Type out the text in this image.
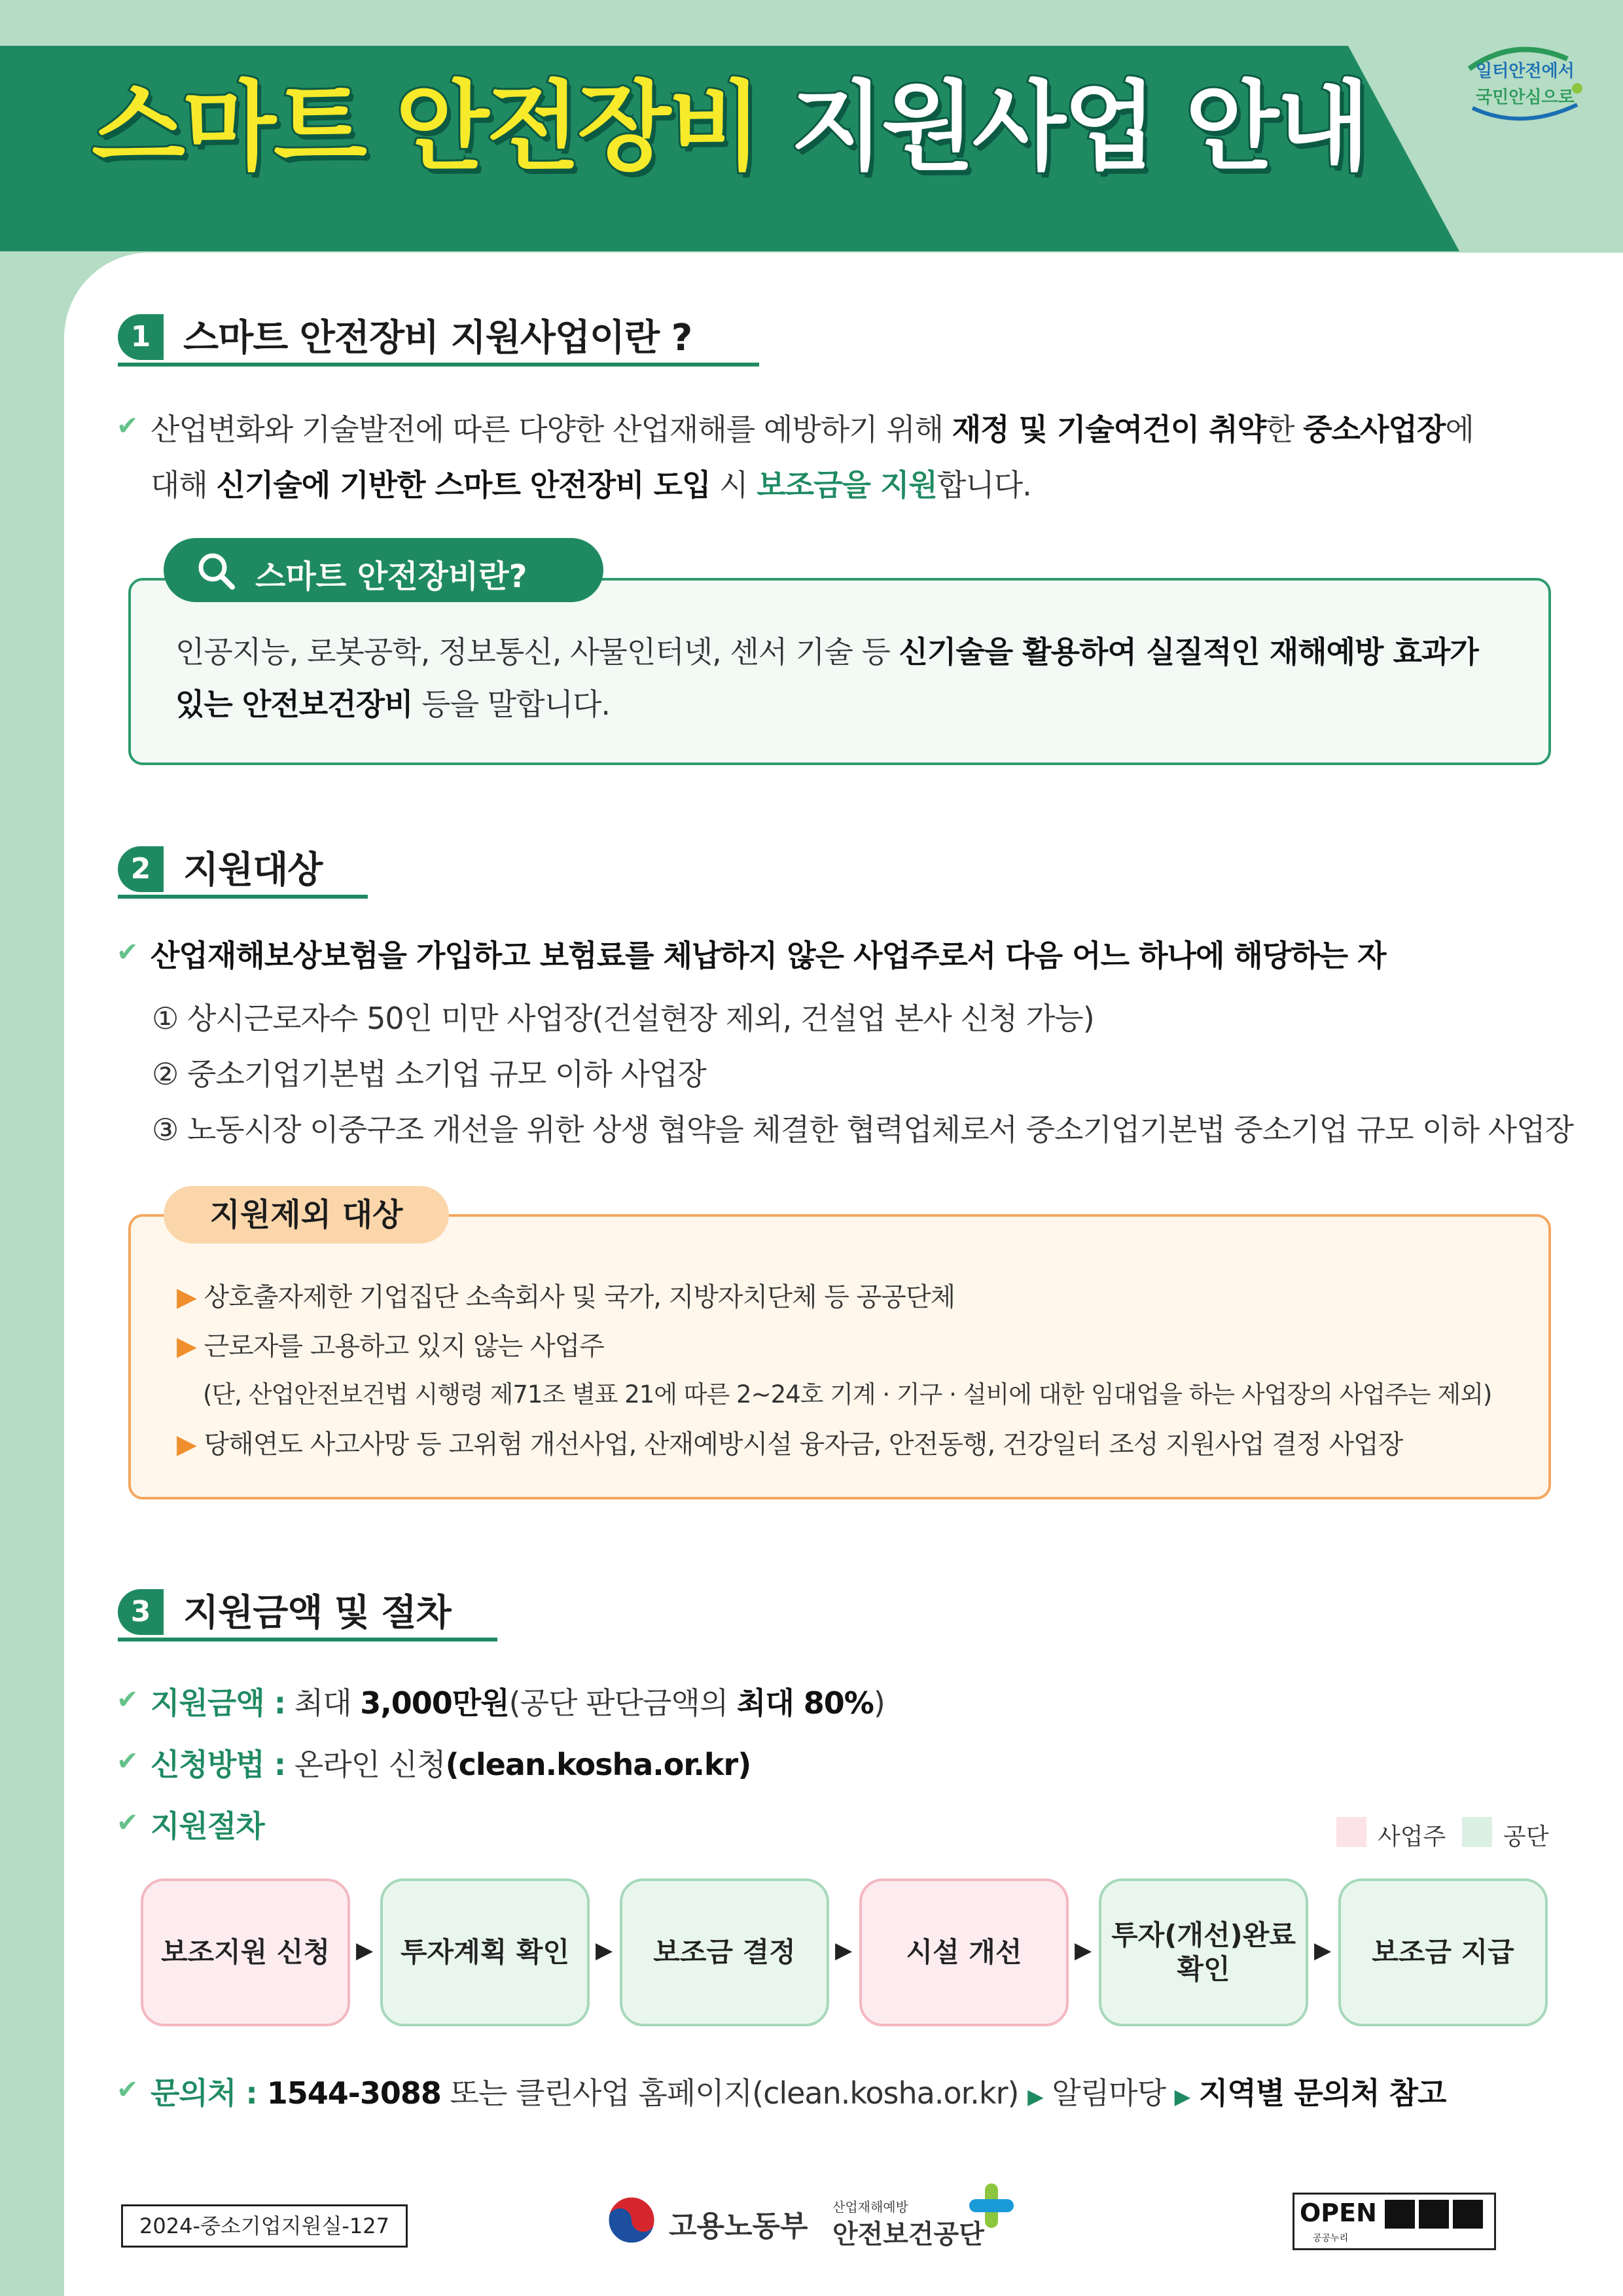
스마트 안전장비 지원사업 안내	일터안전에서
국민안심으로
1 스마트 안전장비 지원사업이란 ?
✔ 산업변화와 기술발전에 따른 다양한 산업재해를 예방하기 위해 재정 및 기술여건이 취약한 중소사업장에
대해 신기술에 기반한 스마트 안전장비 도입 시 보조금을 지원합니다.
스마트 안전장비란?
인공지능, 로봇공학, 정보통신, 사물인터넷, 센서 기술 등 신기술을 활용하여 실질적인 재해예방 효과가
있는 안전보건장비 등을 말합니다.
2 지원대상
✔ 산업재해보상보험을 가입하고 보험료를 체납하지 않은 사업주로서 다음 어느 하나에 해당하는 자
① 상시근로자수 50인 미만 사업장(건설현장 제외, 건설업 본사 신청 가능)
② 중소기업기본법 소기업 규모 이하 사업장
③ 노동시장 이중구조 개선을 위한 상생 협약을 체결한 협력업체로서 중소기업기본법 중소기업 규모 이하 사업장
지원제외 대상
▶ 상호출자제한 기업집단 소속회사 및 국가, 지방자치단체 등 공공단체
▶ 근로자를 고용하고 있지 않는 사업주
(단, 산업안전보건법 시행령 제71조 별표 21에 따른 2~24호 기계 · 기구 · 설비에 대한 임대업을 하는 사업장의 사업주는 제외)
▶ 당해연도 사고사망 등 고위험 개선사업, 산재예방시설 융자금, 안전동행, 건강일터 조성 지원사업 결정 사업장
3 지원금액 및 절차
✔ 지원금액 : 최대 3,000만원(공단 판단금액의 최대 80%)
✔ 신청방법 : 온라인 신청(clean.kosha.or.kr)
✔ 지원절차	사업주 공단
보조지원 신청	▶ 투자계획 확인	▶	보조금 결정	▶	시설 개선	▶ 투자(개선)완료
확인
▶	보조금 지급
✔ 문의처 : 1544-3088 또는 클린사업 홈페이지(clean.kosha.or.kr) ▶ 알림마당 ▶ 지역별 문의처 참고
2024-중소기업지원실-127	고용노동부
산업재해예방
안전보건공단
OPEN
공공누리
